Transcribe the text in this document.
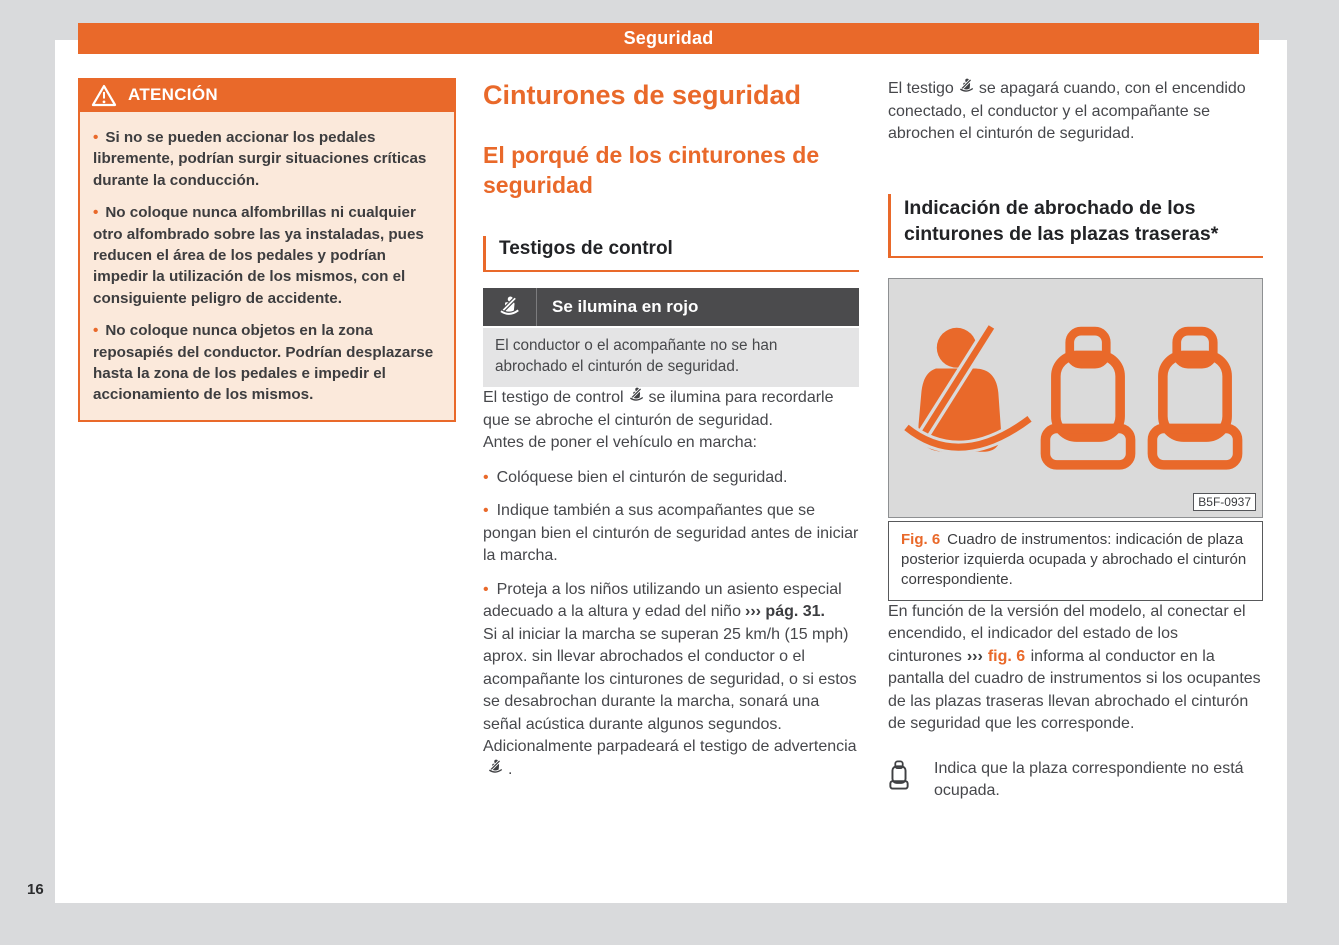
Seguridad
ATENCIÓN
• Si no se pueden accionar los pedales libremente, podrían surgir situaciones críticas durante la conducción.
• No coloque nunca alfombrillas ni cualquier otro alfombrado sobre las ya instaladas, pues reducen el área de los pedales y podrían impedir la utilización de los mismos, con el consiguiente peligro de accidente.
• No coloque nunca objetos en la zona reposapiés del conductor. Podrían desplazarse hasta la zona de los pedales e impedir el accionamiento de los mismos.
Cinturones de seguridad
El porqué de los cinturones de seguridad
Testigos de control
Se ilumina en rojo
El conductor o el acompañante no se han abrochado el cinturón de seguridad.

El testigo de control se ilumina para recordarle que se abroche el cinturón de seguridad.

Antes de poner el vehículo en marcha:

• Colóquese bien el cinturón de seguridad.
• Indique también a sus acompañantes que se pongan bien el cinturón de seguridad antes de iniciar la marcha.
• Proteja a los niños utilizando un asiento especial adecuado a la altura y edad del niño ››› pág. 31.

Si al iniciar la marcha se superan 25 km/h (15 mph) aprox. sin llevar abrochados el conductor o el acompañante los cinturones de seguridad, o si estos se desabrochan durante la marcha, sonará una señal acústica durante algunos segundos. Adicionalmente parpadeará el testigo de advertencia.

El testigo se apagará cuando, con el encendido conectado, el conductor y el acompañante se abrochen el cinturón de seguridad.

Indicación de abrochado de los cinturones de las plazas traseras*
B5F-0937
Fig. 6 Cuadro de instrumentos: indicación de plaza posterior izquierda ocupada y abrochado el cinturón correspondiente.

En función de la versión del modelo, al conectar el encendido, el indicador del estado de los cinturones ››› fig. 6 informa al conductor en la pantalla del cuadro de instrumentos si los ocupantes de las plazas traseras llevan abrochado el cinturón de seguridad que les corresponde.

Indica que la plaza correspondiente no está ocupada.

16
